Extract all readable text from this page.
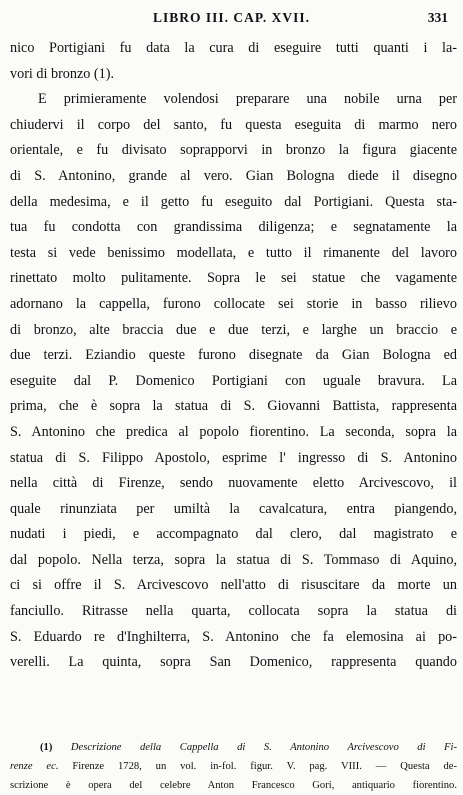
LIBRO III. CAP. XVII.	331
nico Portigiani fu data la cura di eseguire tutti quanti i la-
vori di bronzo (1).
E primieramente volendosi preparare una nobile urna per
chiudervi il corpo del santo, fu questa eseguita di marmo nero
orientale, e fu divisato soprapporvi in bronzo la figura giacente
di S. Antonino, grande al vero. Gian Bologna diede il disegno
della medesima, e il getto fu eseguito dal Portigiani. Questa sta-
tua fu condotta con grandissima diligenza; e segnatamente la
testa si vede benissimo modellata, e tutto il rimanente del lavoro
rinettato molto pulitamente. Sopra le sei statue che vagamente
adornano la cappella, furono collocate sei storie in basso rilievo
di bronzo, alte braccia due e due terzi, e larghe un braccio e
due terzi. Eziandio queste furono disegnate da Gian Bologna ed
eseguite dal P. Domenico Portigiani con uguale bravura. La
prima, che è sopra la statua di S. Giovanni Battista, rappresenta
S. Antonino che predica al popolo fiorentino. La seconda, sopra la
statua di S. Filippo Apostolo, esprime l' ingresso di S. Antonino
nella città di Firenze, sendo nuovamente eletto Arcivescovo, il
quale rinunziata per umiltà la cavalcatura, entra piangendo,
nudati i piedi, e accompagnato dal clero, dal magistrato e
dal popolo. Nella terza, sopra la statua di S. Tommaso di Aquino,
ci si offre il S. Arcivescovo nell'atto di risuscitare da morte un
fanciullo. Ritrasse nella quarta, collocata sopra la statua di
S. Eduardo re d'Inghilterra, S. Antonino che fa elemosina ai po-
verelli. La quinta, sopra San Domenico, rappresenta quando
(1) Descrizione della Cappella di S. Antonino Arcivescovo di Fi-
renze ec. Firenze 1728, un vol. in-fol. figur. V. pag. VIII. — Questa de-
scrizione è opera del celebre Anton Francesco Gori, antiquario fiorentino.
